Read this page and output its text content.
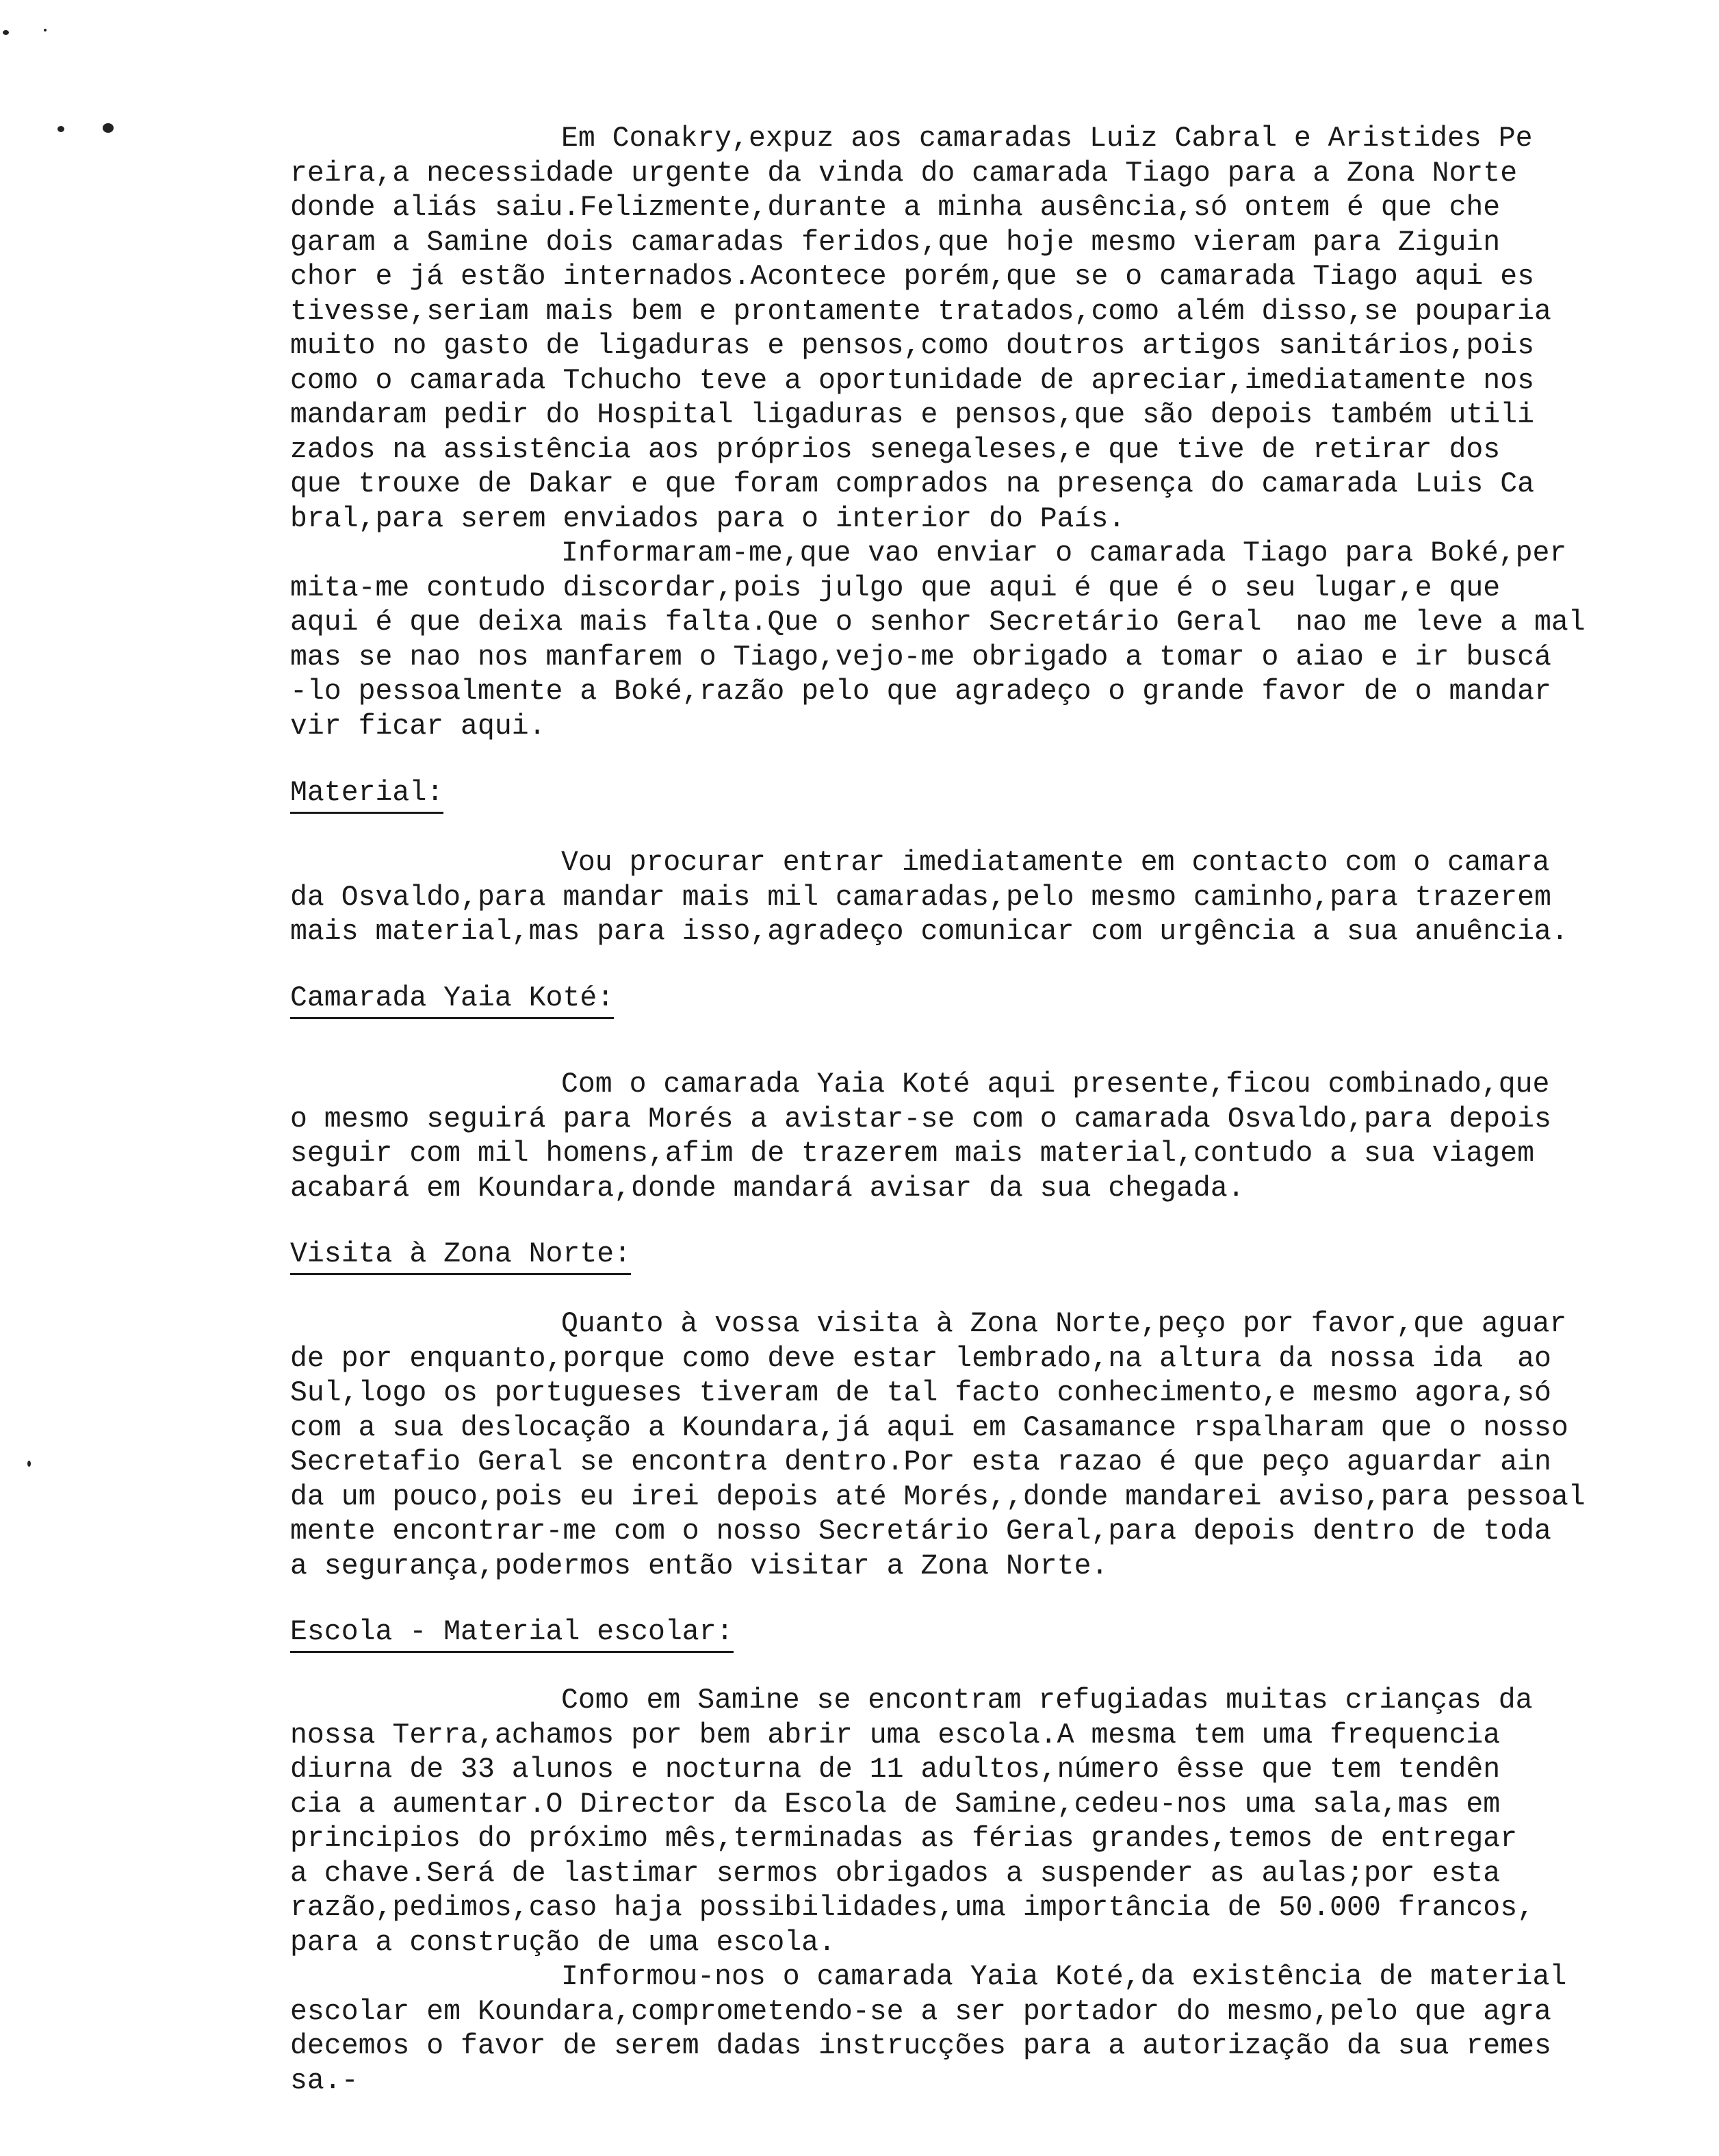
Em Conakry,expuz aos camaradas Luiz Cabral e Aristides Pe
reira,a necessidade urgente da vinda do camarada Tiago para a Zona Norte
donde aliás saiu.Felizmente,durante a minha ausência,só ontem é que che
garam a Samine dois camaradas feridos,que hoje mesmo vieram para Ziguin
chor e já estão internados.Acontece porém,que se o camarada Tiago aqui es
tivesse,seriam mais bem e prontamente tratados,como além disso,se pouparia
muito no gasto de ligaduras e pensos,como doutros artigos sanitários,pois
como o camarada Tchucho teve a oportunidade de apreciar,imediatamente nos
mandaram pedir do Hospital ligaduras e pensos,que são depois também utili
zados na assistência aos próprios senegaleses,e que tive de retirar dos
que trouxe de Dakar e que foram comprados na presença do camarada Luis Ca
bral,para serem enviados para o interior do País.
Informaram-me,que vao enviar o camarada Tiago para Boké,per
mita-me contudo discordar,pois julgo que aqui é que é o seu lugar,e que
aqui é que deixa mais falta.Que o senhor Secretário Geral  nao me leve a mal
mas se nao nos manfarem o Tiago,vejo-me obrigado a tomar o aiao e ir buscá
-lo pessoalmente a Boké,razão pelo que agradeço o grande favor de o mandar
vir ficar aqui.
Material:
Vou procurar entrar imediatamente em contacto com o camara
da Osvaldo,para mandar mais mil camaradas,pelo mesmo caminho,para trazerem
mais material,mas para isso,agradeço comunicar com urgência a sua anuência.
Camarada Yaia Koté:
Com o camarada Yaia Koté aqui presente,ficou combinado,que
o mesmo seguirá para Morés a avistar-se com o camarada Osvaldo,para depois
seguir com mil homens,afim de trazerem mais material,contudo a sua viagem
acabará em Koundara,donde mandará avisar da sua chegada.
Visita à Zona Norte:
Quanto à vossa visita à Zona Norte,peço por favor,que aguar
de por enquanto,porque como deve estar lembrado,na altura da nossa ida  ao
Sul,logo os portugueses tiveram de tal facto conhecimento,e mesmo agora,só
com a sua deslocação a Koundara,já aqui em Casamance rspalharam que o nosso
Secretafio Geral se encontra dentro.Por esta razao é que peço aguardar ain
da um pouco,pois eu irei depois até Morés,,donde mandarei aviso,para pessoal
mente encontrar-me com o nosso Secretário Geral,para depois dentro de toda
a segurança,podermos então visitar a Zona Norte.
Escola - Material escolar:
Como em Samine se encontram refugiadas muitas crianças da
nossa Terra,achamos por bem abrir uma escola.A mesma tem uma frequencia
diurna de 33 alunos e nocturna de 11 adultos,número êsse que tem tendên
cia a aumentar.O Director da Escola de Samine,cedeu-nos uma sala,mas em
principios do próximo mês,terminadas as férias grandes,temos de entregar
a chave.Será de lastimar sermos obrigados a suspender as aulas;por esta
razão,pedimos,caso haja possibilidades,uma importância de 50.000 francos,
para a construção de uma escola.
Informou-nos o camarada Yaia Koté,da existência de material
escolar em Koundara,comprometendo-se a ser portador do mesmo,pelo que agra
decemos o favor de serem dadas instrucções para a autorização da sua remes
sa.-
